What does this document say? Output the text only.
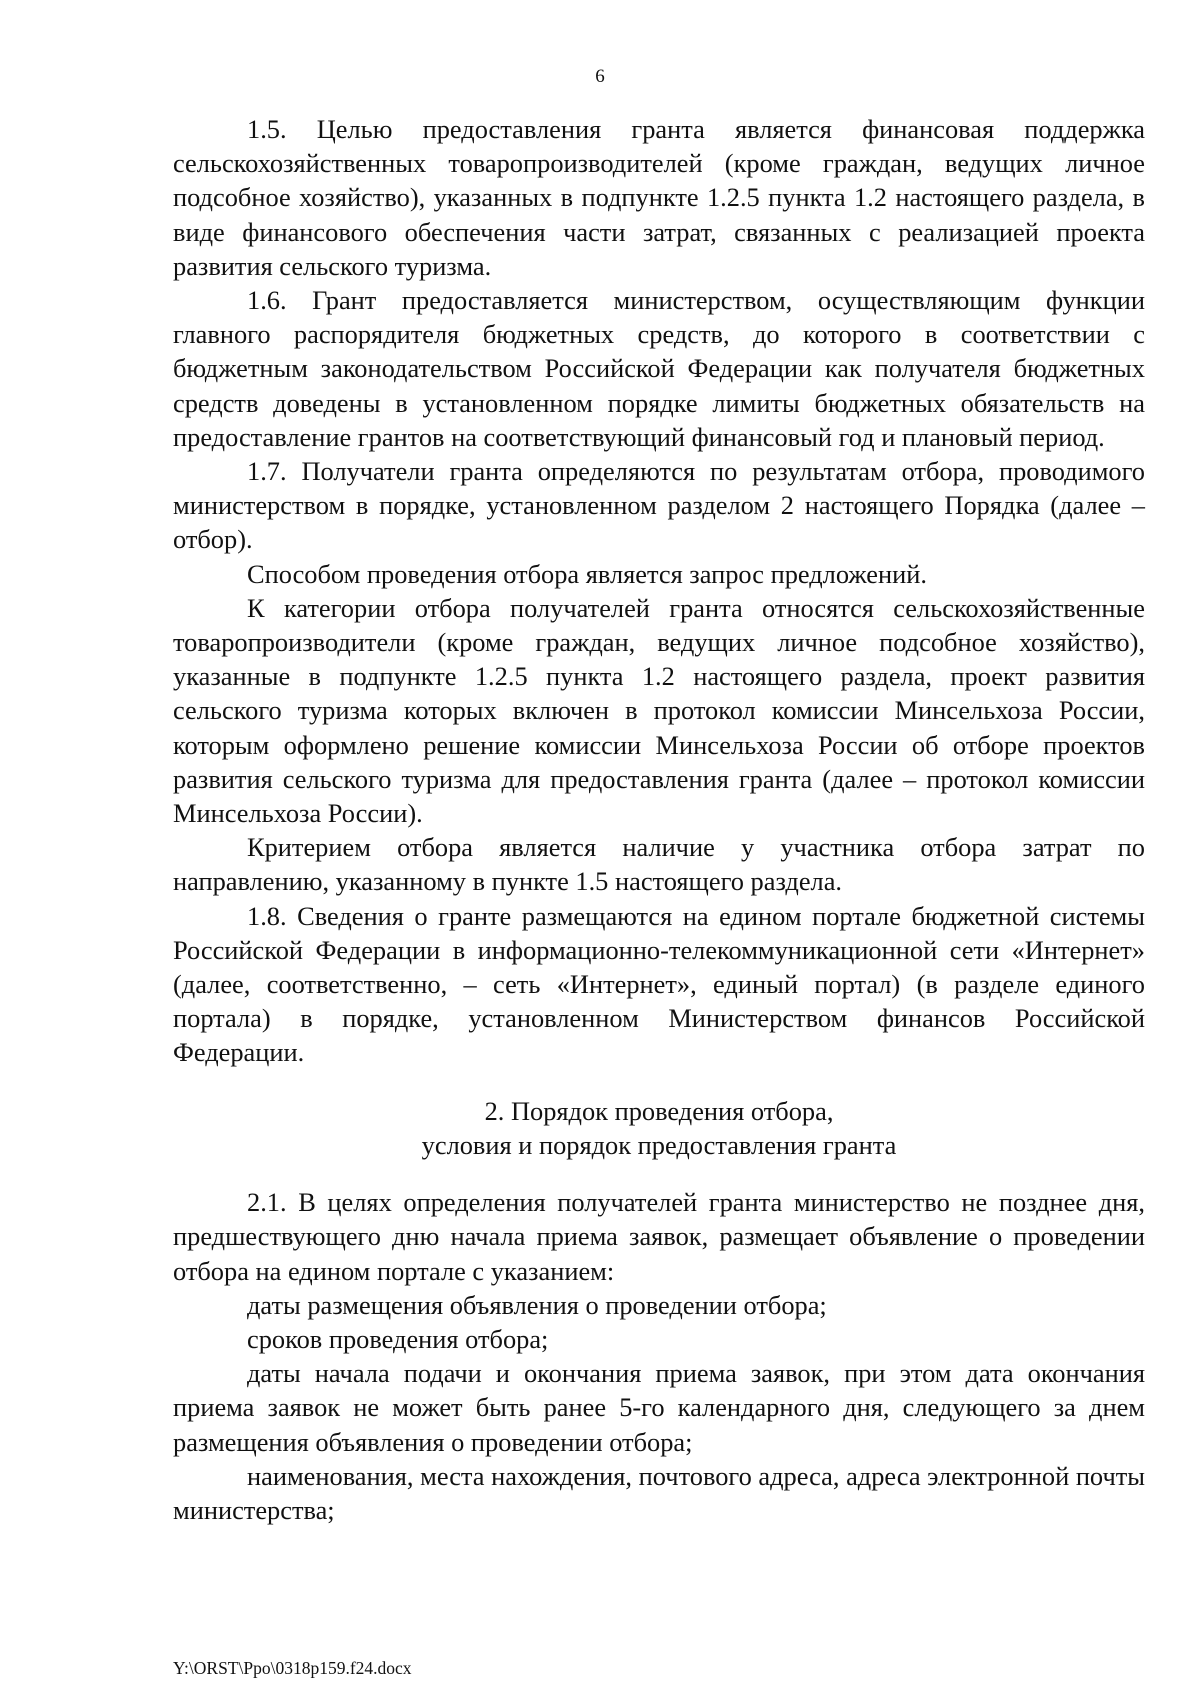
6

1.5. Целью предоставления гранта является финансовая поддержка сельскохозяйственных товаропроизводителей (кроме граждан, ведущих личное подсобное хозяйство), указанных в подпункте 1.2.5 пункта 1.2 настоящего раздела, в виде финансового обеспечения части затрат, связанных с реализацией проекта развития сельского туризма.

1.6. Грант предоставляется министерством, осуществляющим функции главного распорядителя бюджетных средств, до которого в соответствии с бюджетным законодательством Российской Федерации как получателя бюджетных средств доведены в установленном порядке лимиты бюджетных обязательств на предоставление грантов на соответствующий финансовый год и плановый период.

1.7. Получатели гранта определяются по результатам отбора, проводимого министерством в порядке, установленном разделом 2 настоящего Порядка (далее – отбор).

Способом проведения отбора является запрос предложений.

К категории отбора получателей гранта относятся сельскохозяйственные товаропроизводители (кроме граждан, ведущих личное подсобное хозяйство), указанные в подпункте 1.2.5 пункта 1.2 настоящего раздела, проект развития сельского туризма которых включен в протокол комиссии Минсельхоза России, которым оформлено решение комиссии Минсельхоза России об отборе проектов развития сельского туризма для предоставления гранта (далее – протокол комиссии Минсельхоза России).

Критерием отбора является наличие у участника отбора затрат по направлению, указанному в пункте 1.5 настоящего раздела.

1.8. Сведения о гранте размещаются на едином портале бюджетной системы Российской Федерации в информационно-телекоммуникационной сети «Интернет» (далее, соответственно, – сеть «Интернет», единый портал) (в разделе единого портала) в порядке, установленном Министерством финансов Российской Федерации.

2. Порядок проведения отбора,
условия и порядок предоставления гранта

2.1. В целях определения получателей гранта министерство не позднее дня, предшествующего дню начала приема заявок, размещает объявление о проведении отбора на едином портале с указанием:

даты размещения объявления о проведении отбора;

сроков проведения отбора;

даты начала подачи и окончания приема заявок, при этом дата окончания приема заявок не может быть ранее 5-го календарного дня, следующего за днем размещения объявления о проведении отбора;

наименования, места нахождения, почтового адреса, адреса электронной почты министерства;

Y:\ORST\Ppo\0318p159.f24.docx
